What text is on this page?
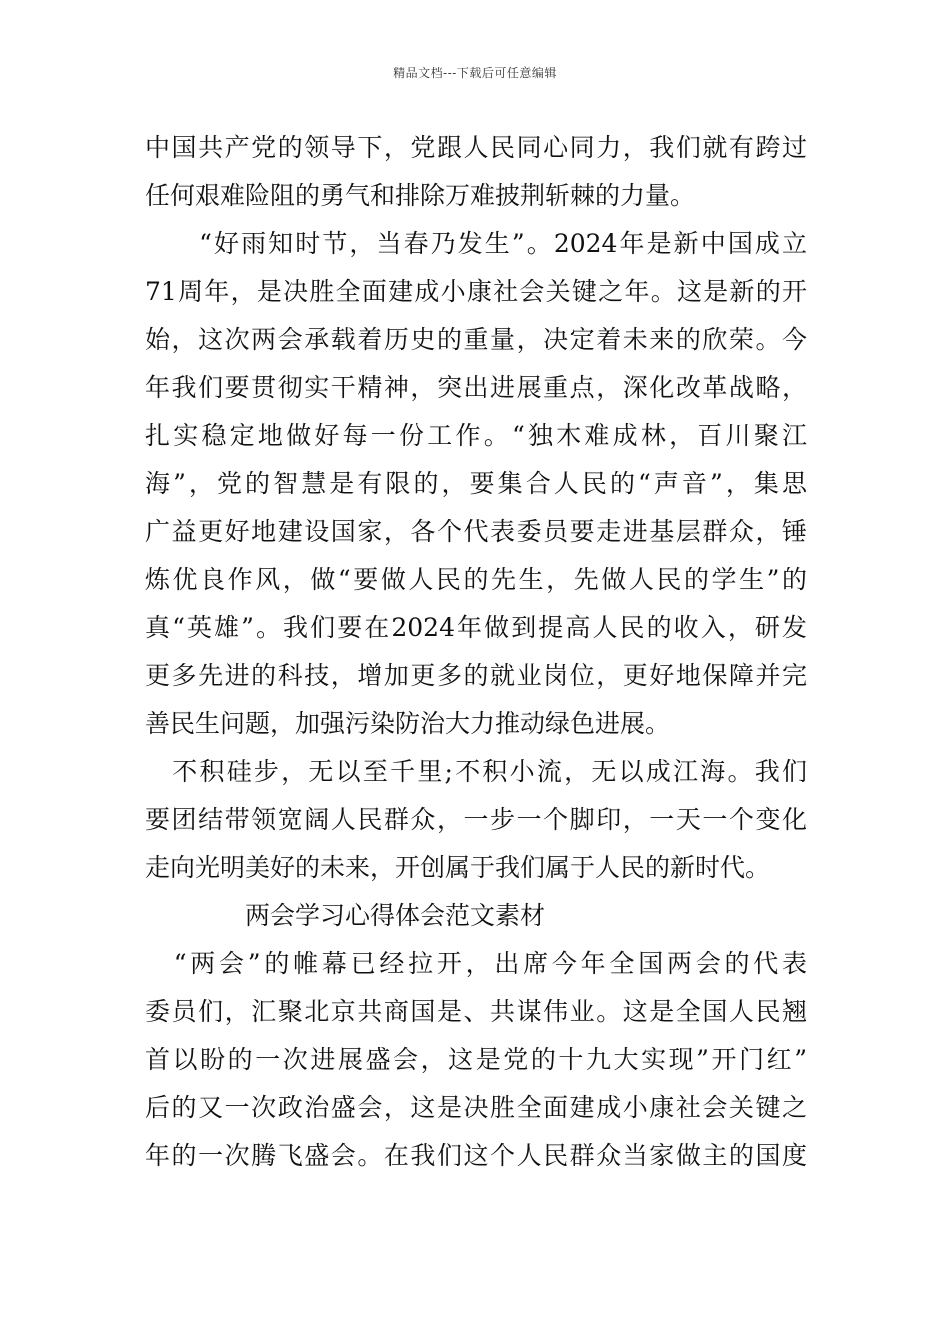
精品文档---下载后可任意编辑
中国共产党的领导下，党跟人民同心同力，我们就有跨过
任何艰难险阻的勇气和排除万难披荆斩棘的力量。
　　“好雨知时节，当春乃发生”。2024年是新中国成立
71周年，是决胜全面建成小康社会关键之年。这是新的开
始，这次两会承载着历史的重量，决定着未来的欣荣。今
年我们要贯彻实干精神，突出进展重点，深化改革战略，
扎实稳定地做好每一份工作。“独木难成林，百川聚江
海”，党的智慧是有限的，要集合人民的“声音”，集思
广益更好地建设国家，各个代表委员要走进基层群众，锤
炼优良作风，做“要做人民的先生，先做人民的学生”的
真“英雄”。我们要在2024年做到提高人民的收入，研发
更多先进的科技，增加更多的就业岗位，更好地保障并完
善民生问题，加强污染防治大力推动绿色进展。
　不积硅步，无以至千里;不积小流，无以成江海。我们
要团结带领宽阔人民群众，一步一个脚印，一天一个变化
走向光明美好的未来，开创属于我们属于人民的新时代。
两会学习心得体会范文素材
　“两会”的帷幕已经拉开，出席今年全国两会的代表
委员们，汇聚北京共商国是、共谋伟业。这是全国人民翘
首以盼的一次进展盛会，这是党的十九大实现”开门红”
后的又一次政治盛会，这是决胜全面建成小康社会关键之
年的一次腾飞盛会。在我们这个人民群众当家做主的国度
